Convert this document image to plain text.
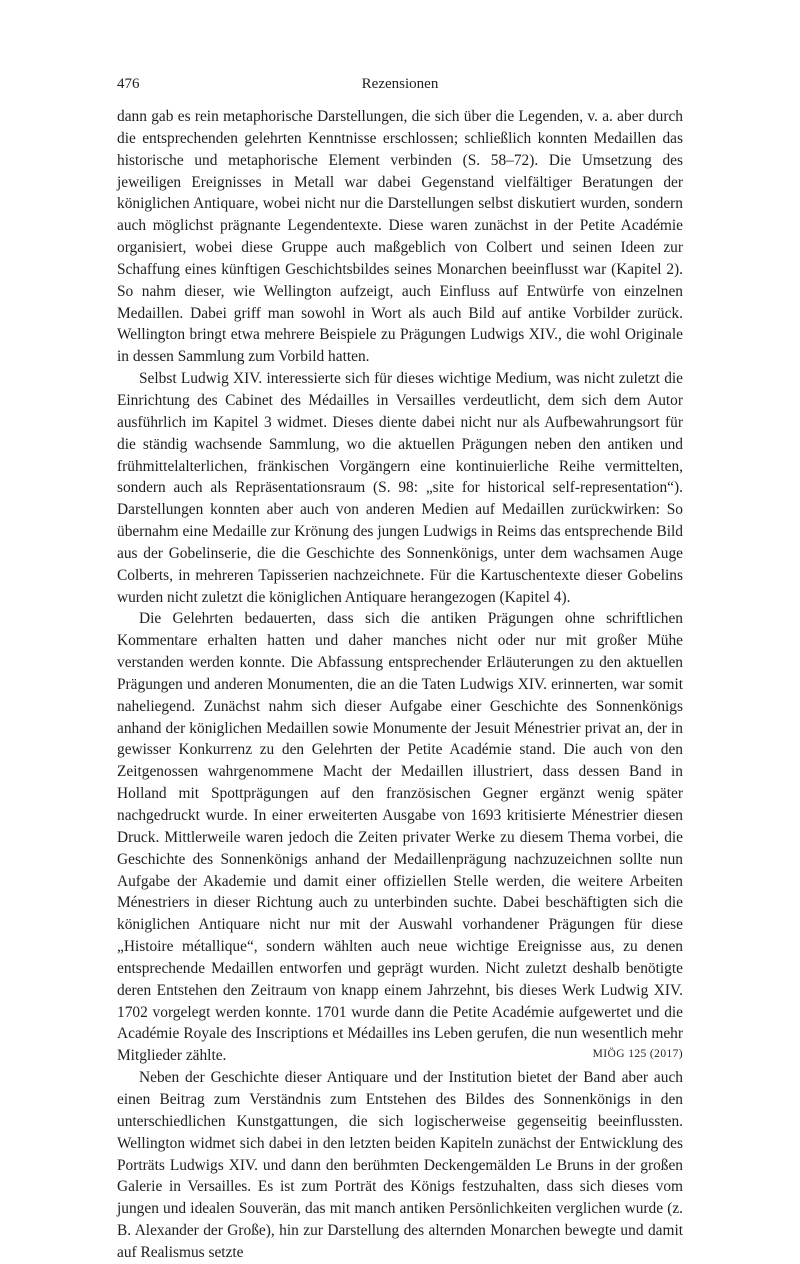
476	Rezensionen

dann gab es rein metaphorische Darstellungen, die sich über die Legenden, v. a. aber durch die entsprechenden gelehrten Kenntnisse erschlossen; schließlich konnten Medaillen das historische und metaphorische Element verbinden (S. 58–72). Die Umsetzung des jeweiligen Ereignisses in Metall war dabei Gegenstand vielfältiger Beratungen der königlichen Antiquare, wobei nicht nur die Darstellungen selbst diskutiert wurden, sondern auch möglichst prägnante Legendentexte. Diese waren zunächst in der Petite Académie organisiert, wobei diese Gruppe auch maßgeblich von Colbert und seinen Ideen zur Schaffung eines künftigen Geschichtsbildes seines Monarchen beeinflusst war (Kapitel 2). So nahm dieser, wie Wellington aufzeigt, auch Einfluss auf Entwürfe von einzelnen Medaillen. Dabei griff man sowohl in Wort als auch Bild auf antike Vorbilder zurück. Wellington bringt etwa mehrere Beispiele zu Prägungen Ludwigs XIV., die wohl Originale in dessen Sammlung zum Vorbild hatten.

Selbst Ludwig XIV. interessierte sich für dieses wichtige Medium, was nicht zuletzt die Einrichtung des Cabinet des Médailles in Versailles verdeutlicht, dem sich dem Autor ausführlich im Kapitel 3 widmet. Dieses diente dabei nicht nur als Aufbewahrungsort für die ständig wachsende Sammlung, wo die aktuellen Prägungen neben den antiken und frühmittelalterlichen, fränkischen Vorgängern eine kontinuierliche Reihe vermittelten, sondern auch als Repräsentationsraum (S. 98: „site for historical self-representation“). Darstellungen konnten aber auch von anderen Medien auf Medaillen zurückwirken: So übernahm eine Medaille zur Krönung des jungen Ludwigs in Reims das entsprechende Bild aus der Gobelinserie, die die Geschichte des Sonnenkönigs, unter dem wachsamen Auge Colberts, in mehreren Tapisserien nachzeichnete. Für die Kartuschentexte dieser Gobelins wurden nicht zuletzt die königlichen Antiquare herangezogen (Kapitel 4).

Die Gelehrten bedauerten, dass sich die antiken Prägungen ohne schriftlichen Kommentare erhalten hatten und daher manches nicht oder nur mit großer Mühe verstanden werden konnte. Die Abfassung entsprechender Erläuterungen zu den aktuellen Prägungen und anderen Monumenten, die an die Taten Ludwigs XIV. erinnerten, war somit naheliegend. Zunächst nahm sich dieser Aufgabe einer Geschichte des Sonnenkönigs anhand der königlichen Medaillen sowie Monumente der Jesuit Ménestrier privat an, der in gewisser Konkurrenz zu den Gelehrten der Petite Académie stand. Die auch von den Zeitgenossen wahrgenommene Macht der Medaillen illustriert, dass dessen Band in Holland mit Spottprägungen auf den französischen Gegner ergänzt wenig später nachgedruckt wurde. In einer erweiterten Ausgabe von 1693 kritisierte Ménestrier diesen Druck. Mittlerweile waren jedoch die Zeiten privater Werke zu diesem Thema vorbei, die Geschichte des Sonnenkönigs anhand der Medaillenprägung nachzuzeichnen sollte nun Aufgabe der Akademie und damit einer offiziellen Stelle werden, die weitere Arbeiten Ménestriers in dieser Richtung auch zu unterbinden suchte. Dabei beschäftigten sich die königlichen Antiquare nicht nur mit der Auswahl vorhandener Prägungen für diese „Histoire métallique“, sondern wählten auch neue wichtige Ereignisse aus, zu denen entsprechende Medaillen entworfen und geprägt wurden. Nicht zuletzt deshalb benötigte deren Entstehen den Zeitraum von knapp einem Jahrzehnt, bis dieses Werk Ludwig XIV. 1702 vorgelegt werden konnte. 1701 wurde dann die Petite Académie aufgewertet und die Académie Royale des Inscriptions et Médailles ins Leben gerufen, die nun wesentlich mehr Mitglieder zählte.

Neben der Geschichte dieser Antiquare und der Institution bietet der Band aber auch einen Beitrag zum Verständnis zum Entstehen des Bildes des Sonnenkönigs in den unterschiedlichen Kunstgattungen, die sich logischerweise gegenseitig beeinflussten. Wellington widmet sich dabei in den letzten beiden Kapiteln zunächst der Entwicklung des Porträts Ludwigs XIV. und dann den berühmten Deckengemälden Le Bruns in der großen Galerie in Versailles. Es ist zum Porträt des Königs festzuhalten, dass sich dieses vom jungen und idealen Souverän, das mit manch antiken Persönlichkeiten verglichen wurde (z. B. Alexander der Große), hin zur Darstellung des alternden Monarchen bewegte und damit auf Realismus setzte

MIÖG 125 (2017)
